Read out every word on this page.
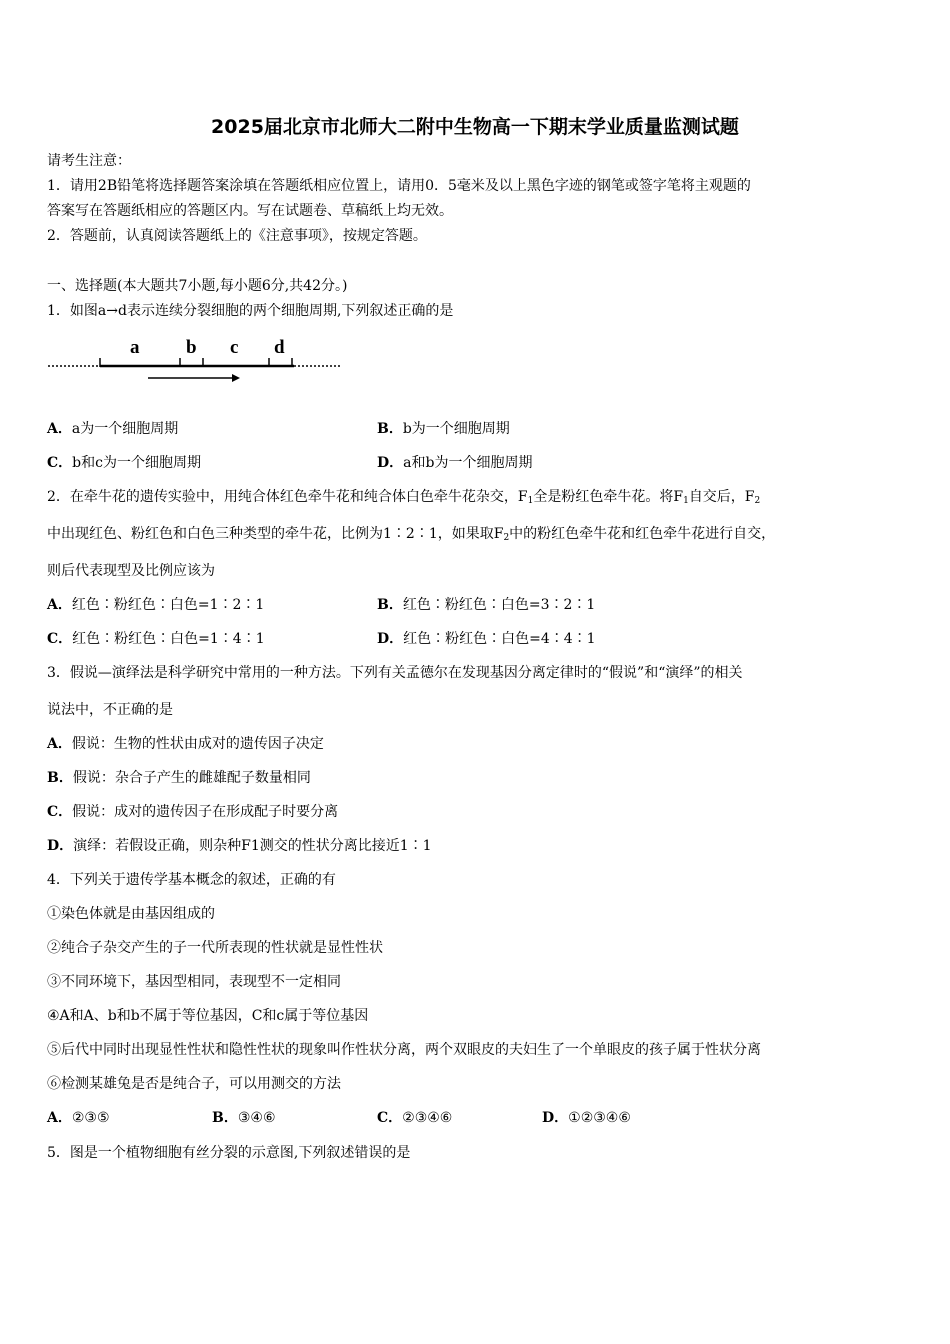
2025届北京市北师大二附中生物高一下期末学业质量监测试题
请考生注意：
1．请用2B铅笔将选择题答案涂填在答题纸相应位置上，请用0．5毫米及以上黑色字迹的钢笔或签字笔将主观题的
答案写在答题纸相应的答题区内。写在试题卷、草稿纸上均无效。
2．答题前，认真阅读答题纸上的《注意事项》，按规定答题。
一、选择题(本大题共7小题,每小题6分,共42分。)
1．如图a→d表示连续分裂细胞的两个细胞周期,下列叙述正确的是
a b c d
A．a为一个细胞周期	B．b为一个细胞周期
C．b和c为一个细胞周期	D．a和b为一个细胞周期
2．在牵牛花的遗传实验中，用纯合体红色牵牛花和纯合体白色牵牛花杂交，$F_1$全是粉红色牵牛花。将$F_1$自交后，$F_2$
中出现红色、粉红色和白色三种类型的牵牛花，比例为1∶2∶1，如果取$F_2$中的粉红色牵牛花和红色牵牛花进行自交，
则后代表现型及比例应该为
A．红色∶粉红色∶白色=1∶2∶1	B．红色∶粉红色∶白色=3∶2∶1
C．红色∶粉红色∶白色=1∶4∶1	D．红色∶粉红色∶白色=4∶4∶1
3．假说—演绎法是科学研究中常用的一种方法。下列有关孟德尔在发现基因分离定律时的“假说”和“演绎”的相关
说法中，不正确的是
A．假说：生物的性状由成对的遗传因子决定
B．假说：杂合子产生的雌雄配子数量相同
C．假说：成对的遗传因子在形成配子时要分离
D．演绎：若假设正确，则杂种F1测交的性状分离比接近1∶1
4．下列关于遗传学基本概念的叙述，正确的有
①染色体就是由基因组成的
②纯合子杂交产生的子一代所表现的性状就是显性性状
③不同环境下，基因型相同，表现型不一定相同
④A和A、b和b不属于等位基因，C和c属于等位基因
⑤后代中同时出现显性性状和隐性性状的现象叫作性状分离，两个双眼皮的夫妇生了一个单眼皮的孩子属于性状分离
⑥检测某雄兔是否是纯合子，可以用测交的方法
A．②③⑤	B．③④⑥	C．②③④⑥	D．①②③④⑥
5．图是一个植物细胞有丝分裂的示意图,下列叙述错误的是
